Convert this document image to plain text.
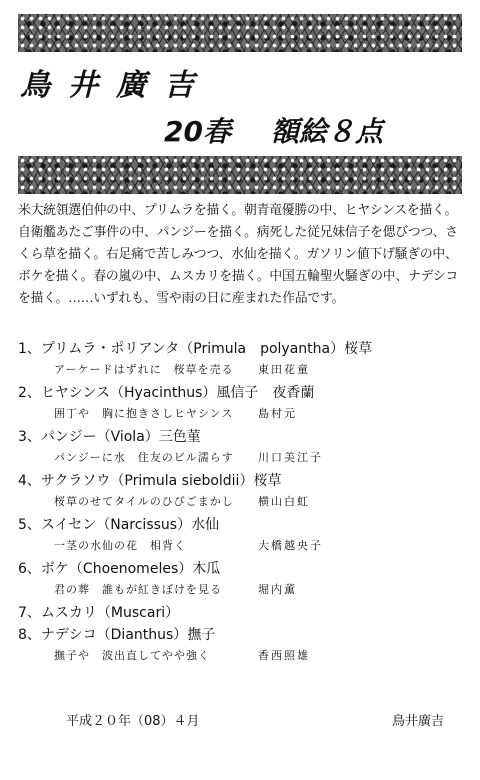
鳥井廣吉
20春 額絵８点

米大統領選伯仲の中、プリムラを描く。朝青竜優勝の中、ヒヤシンスを描く。

自衛艦あたご事件の中、パンジーを描く。病死した従兄妹信子を偲びつつ、さ

くら草を描く。右足痛で苦しみつつ、水仙を描く。ガソリン値下げ騒ぎの中、

ボケを描く。春の嵐の中、ムスカリを描く。中国五輪聖火騒ぎの中、ナデシコ

を描く。……いずれも、雪や雨の日に産まれた作品です。

1、プリムラ・ポリアンタ（Primula　polyantha）桜草
アーケードはずれに　桜草を売る 東田花童
2、ヒヤシンス（Hyacinthus）風信子　夜香蘭
囲丁や　胸に抱きさしヒヤシンス 島村元
3、パンジー（Viola）三色菫
パンジーに水　住友のビル濡らす 川口美江子
4、サクラソウ（Primula sieboldii）桜草
桜草のせてタイルのひびごまかし 横山白虹
5、スイセン（Narcissus）水仙
一茎の水仙の花　相背く	大橋越央子
6、ボケ（Choenomeles）木瓜
君の葬　誰もが紅きぼけを見る	堀内薫
7、ムスカリ（Muscari）
8、ナデシコ（Dianthus）撫子
撫子や　波出直してやや強く	香西照雄
平成２０年（08）４月	鳥井廣吉
